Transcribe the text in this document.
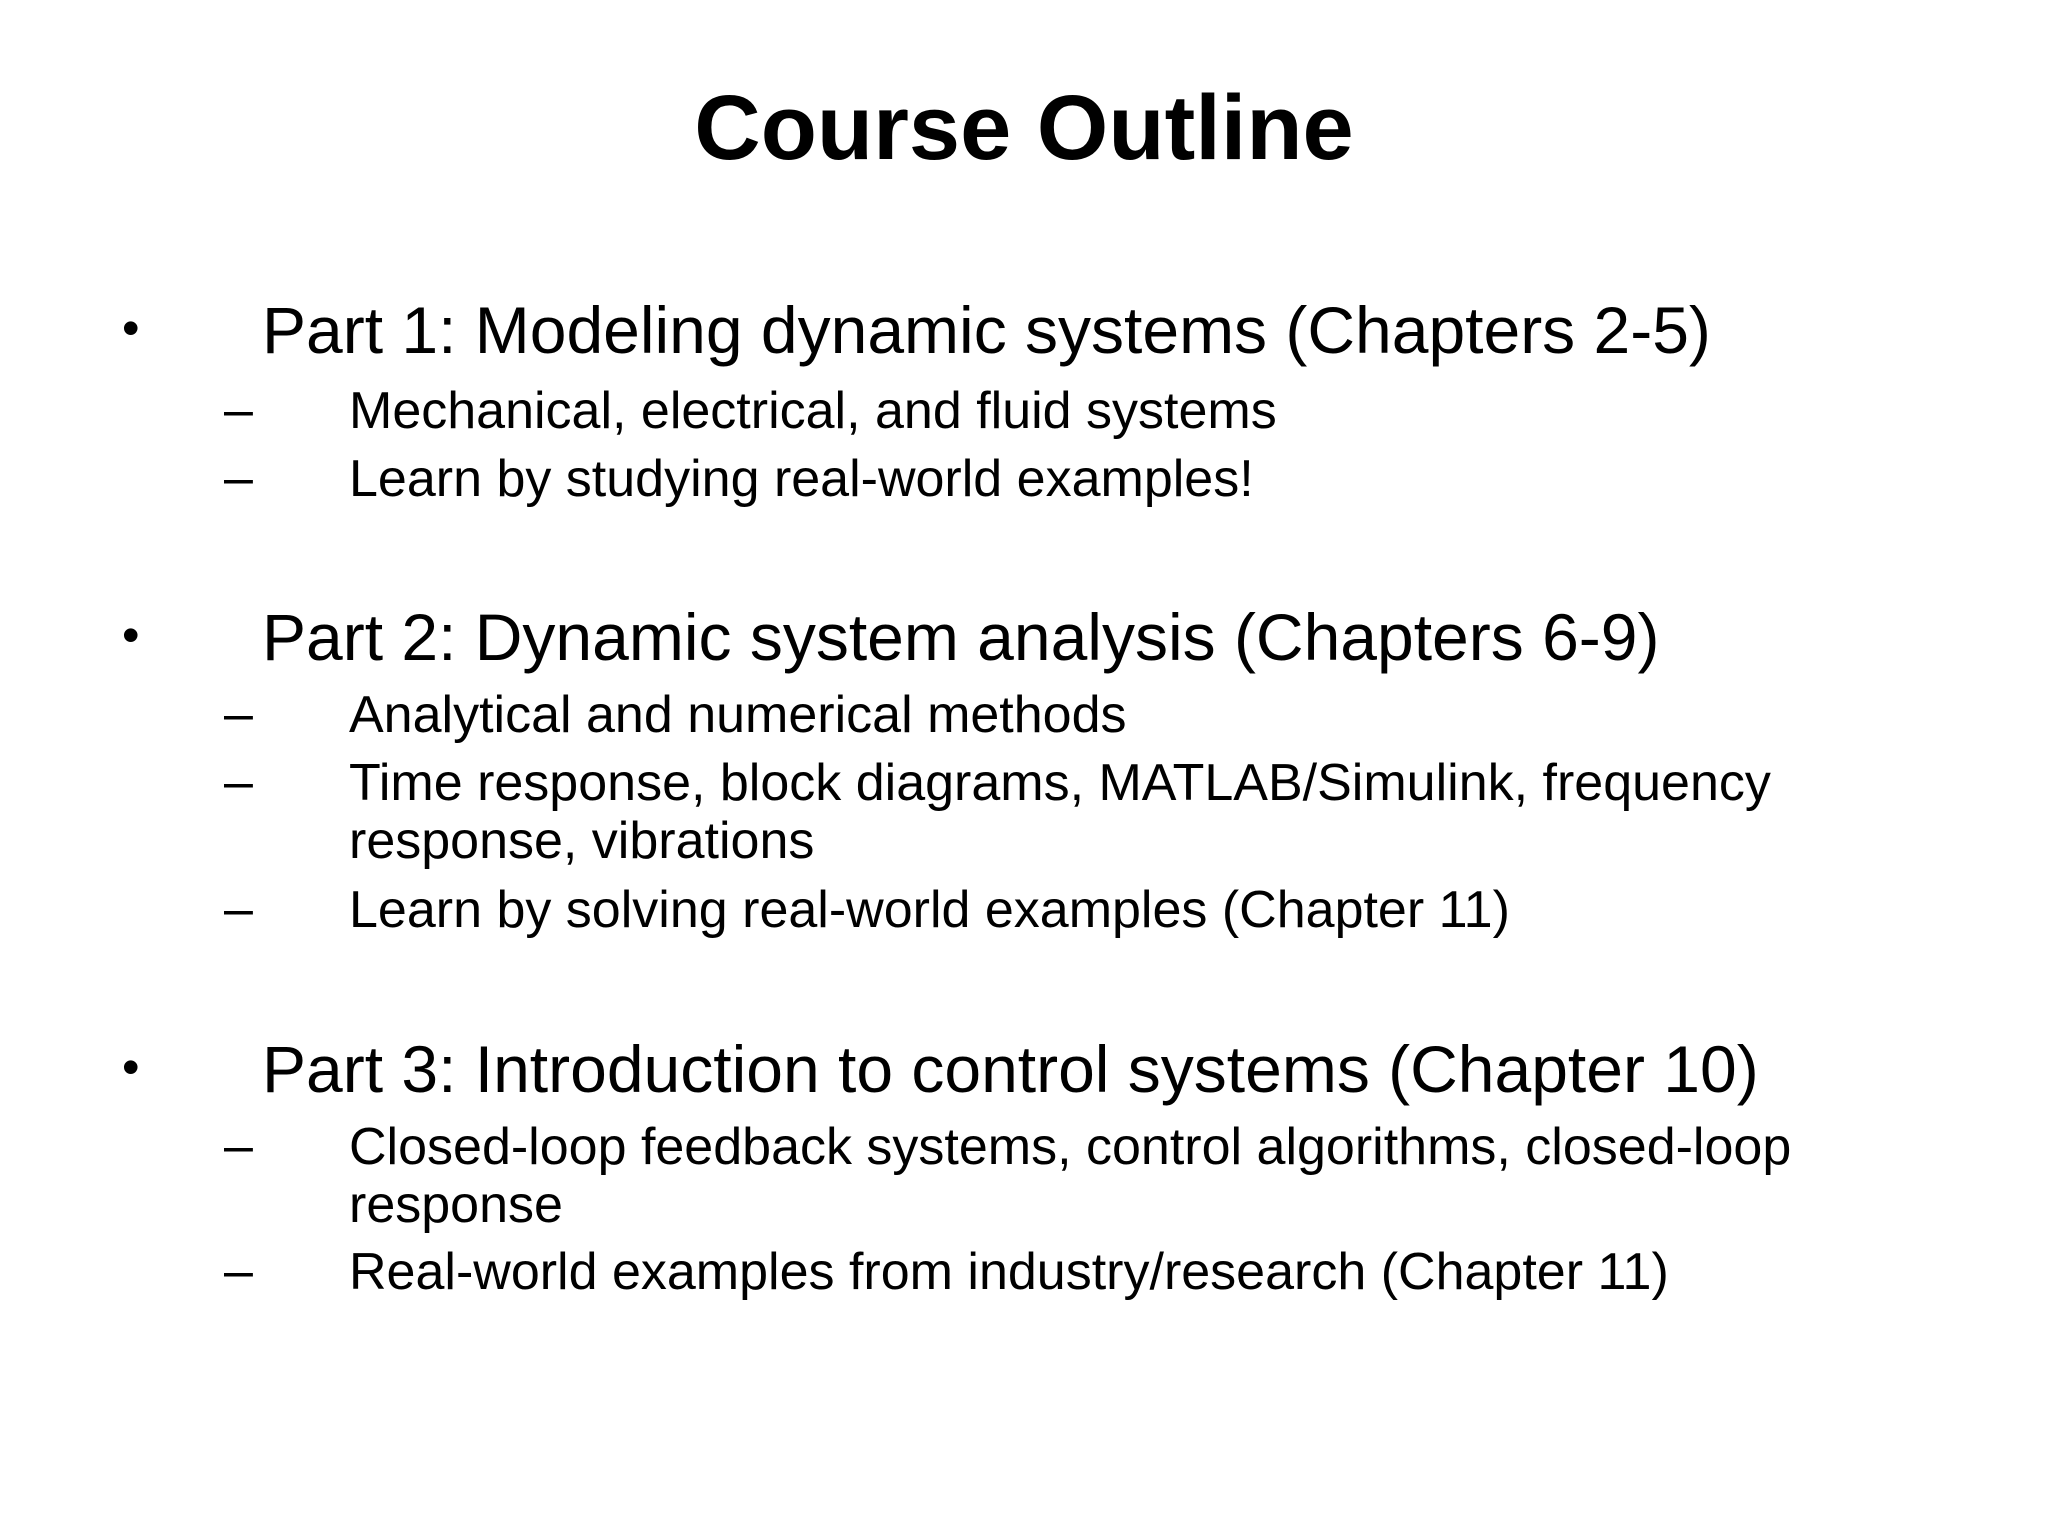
Course Outline
• Part 1: Modeling dynamic systems (Chapters 2-5)
– Mechanical, electrical, and fluid systems
– Learn by studying real-world examples!
• Part 2: Dynamic system analysis (Chapters 6-9)
– Analytical and numerical methods
– Time response, block diagrams, MATLAB/Simulink, frequency response, vibrations
– Learn by solving real-world examples (Chapter 11)
• Part 3: Introduction to control systems (Chapter 10)
– Closed-loop feedback systems, control algorithms, closed-loop response
– Real-world examples from industry/research (Chapter 11)
